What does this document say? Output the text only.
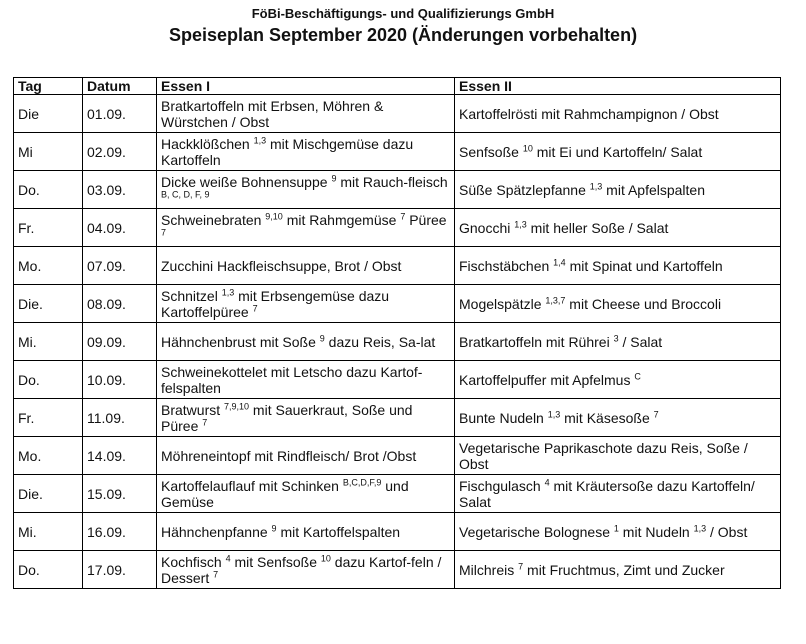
FöBi-Beschäftigungs- und Qualifizierungs GmbH
Speiseplan September 2020 (Änderungen vorbehalten)
Tag	Datum	Essen I	Essen II
Die	01.09.	Bratkartoffeln mit Erbsen, Möhren & Würstchen / Obst	Kartoffelrösti mit Rahmchampignon / Obst
Mi	02.09.	Hackklößchen $^{1,3}$ mit Mischgemüse dazu Kartoffeln	Senfsoße $^{10}$ mit Ei und Kartoffeln/ Salat
Do.	03.09.	Dicke weiße Bohnensuppe $^9$ mit Rauch-fleisch $^{B, C, D, F, 9}$	Süße Spätzlepfanne $^{1,3}$ mit Apfelspalten
Fr.	04.09.	Schweinebraten $^{9,10}$ mit Rahmgemüse $^7$ Püree $^7$	Gnocchi $^{1,3}$ mit heller Soße / Salat
Mo.	07.09.	Zucchini Hackfleischsuppe, Brot / Obst	Fischstäbchen $^{1,4}$ mit Spinat und Kartoffeln
Die.	08.09.	Schnitzel $^{1,3}$ mit Erbsengemüse dazu Kartoffelpüree $^7$	Mogelspätzle $^{1,3,7}$ mit Cheese und Broccoli
Mi.	09.09.	Hähnchenbrust mit Soße $^9$ dazu Reis, Sa-lat	Bratkartoffeln mit Rührei $^3$ / Salat
Do.	10.09.	Schweinekottelet mit Letscho dazu Kartof-felspalten	Kartoffelpuffer mit Apfelmus $^C$
Fr.	11.09.	Bratwurst $^{7,9,10}$ mit Sauerkraut, Soße und Püree $^7$	Bunte Nudeln $^{1,3}$ mit Käsesoße $^7$
Mo.	14.09.	Möhreneintopf mit Rindfleisch/ Brot /Obst	Vegetarische Paprikaschote dazu Reis, Soße / Obst
Die.	15.09.	Kartoffelauflauf mit Schinken $^{B,C,D,F,9}$ und Gemüse	Fischgulasch $^4$ mit Kräutersoße dazu Kartoffeln/ Salat
Mi.	16.09.	Hähnchenpfanne $^9$ mit Kartoffelspalten	Vegetarische Bolognese $^1$ mit Nudeln $^{1,3}$ / Obst
Do.	17.09.	Kochfisch $^4$ mit Senfsoße $^{10}$ dazu Kartof-feln / Dessert $^7$	Milchreis $^7$ mit Fruchtmus, Zimt und Zucker
